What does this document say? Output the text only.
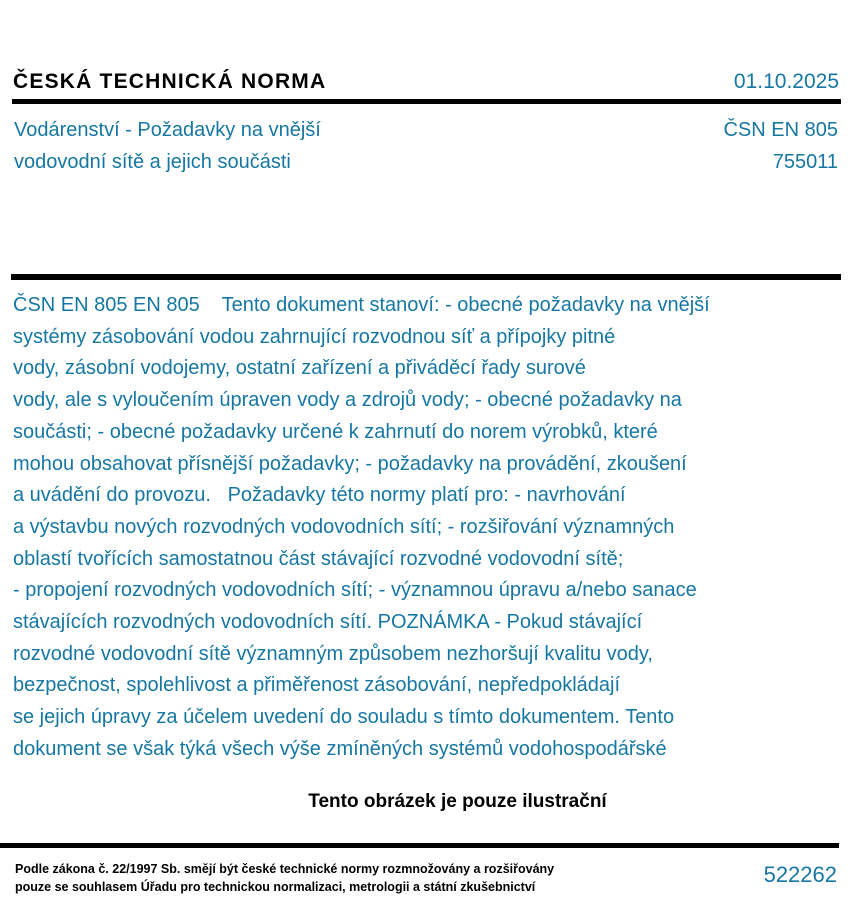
ČESKÁ TECHNICKÁ NORMA	01.10.2025
Vodárenství - Požadavky na vnější
vodovodní sítě a jejich součásti
ČSN EN 805
755011
ČSN EN 805 EN 805    Tento dokument stanoví: - obecné požadavky na vnější
systémy zásobování vodou zahrnující rozvodnou síť a přípojky pitné
vody, zásobní vodojemy, ostatní zařízení a přiváděcí řady surové
vody, ale s vyloučením úpraven vody a zdrojů vody; - obecné požadavky na
součásti; - obecné požadavky určené k zahrnutí do norem výrobků, které
mohou obsahovat přísnější požadavky; - požadavky na provádění, zkoušení
a uvádění do provozu.   Požadavky této normy platí pro: - navrhování
a výstavbu nových rozvodných vodovodních sítí; - rozšiřování významných
oblastí tvořících samostatnou část stávající rozvodné vodovodní sítě;
- propojení rozvodných vodovodních sítí; - významnou úpravu a/nebo sanace
stávajících rozvodných vodovodních sítí. POZNÁMKA - Pokud stávající
rozvodné vodovodní sítě významným způsobem nezhoršují kvalitu vody,
bezpečnost, spolehlivost a přiměřenost zásobování, nepředpokládají
se jejich úpravy za účelem uvedení do souladu s tímto dokumentem. Tento
dokument se však týká všech výše zmíněných systémů vodohospodářské
Tento obrázek je pouze ilustrační
Podle zákona č. 22/1997 Sb. smějí být české technické normy rozmnožovány a rozšiřovány
pouze se souhlasem Úřadu pro technickou normalizaci, metrologii a státní zkušebnictví	522262
